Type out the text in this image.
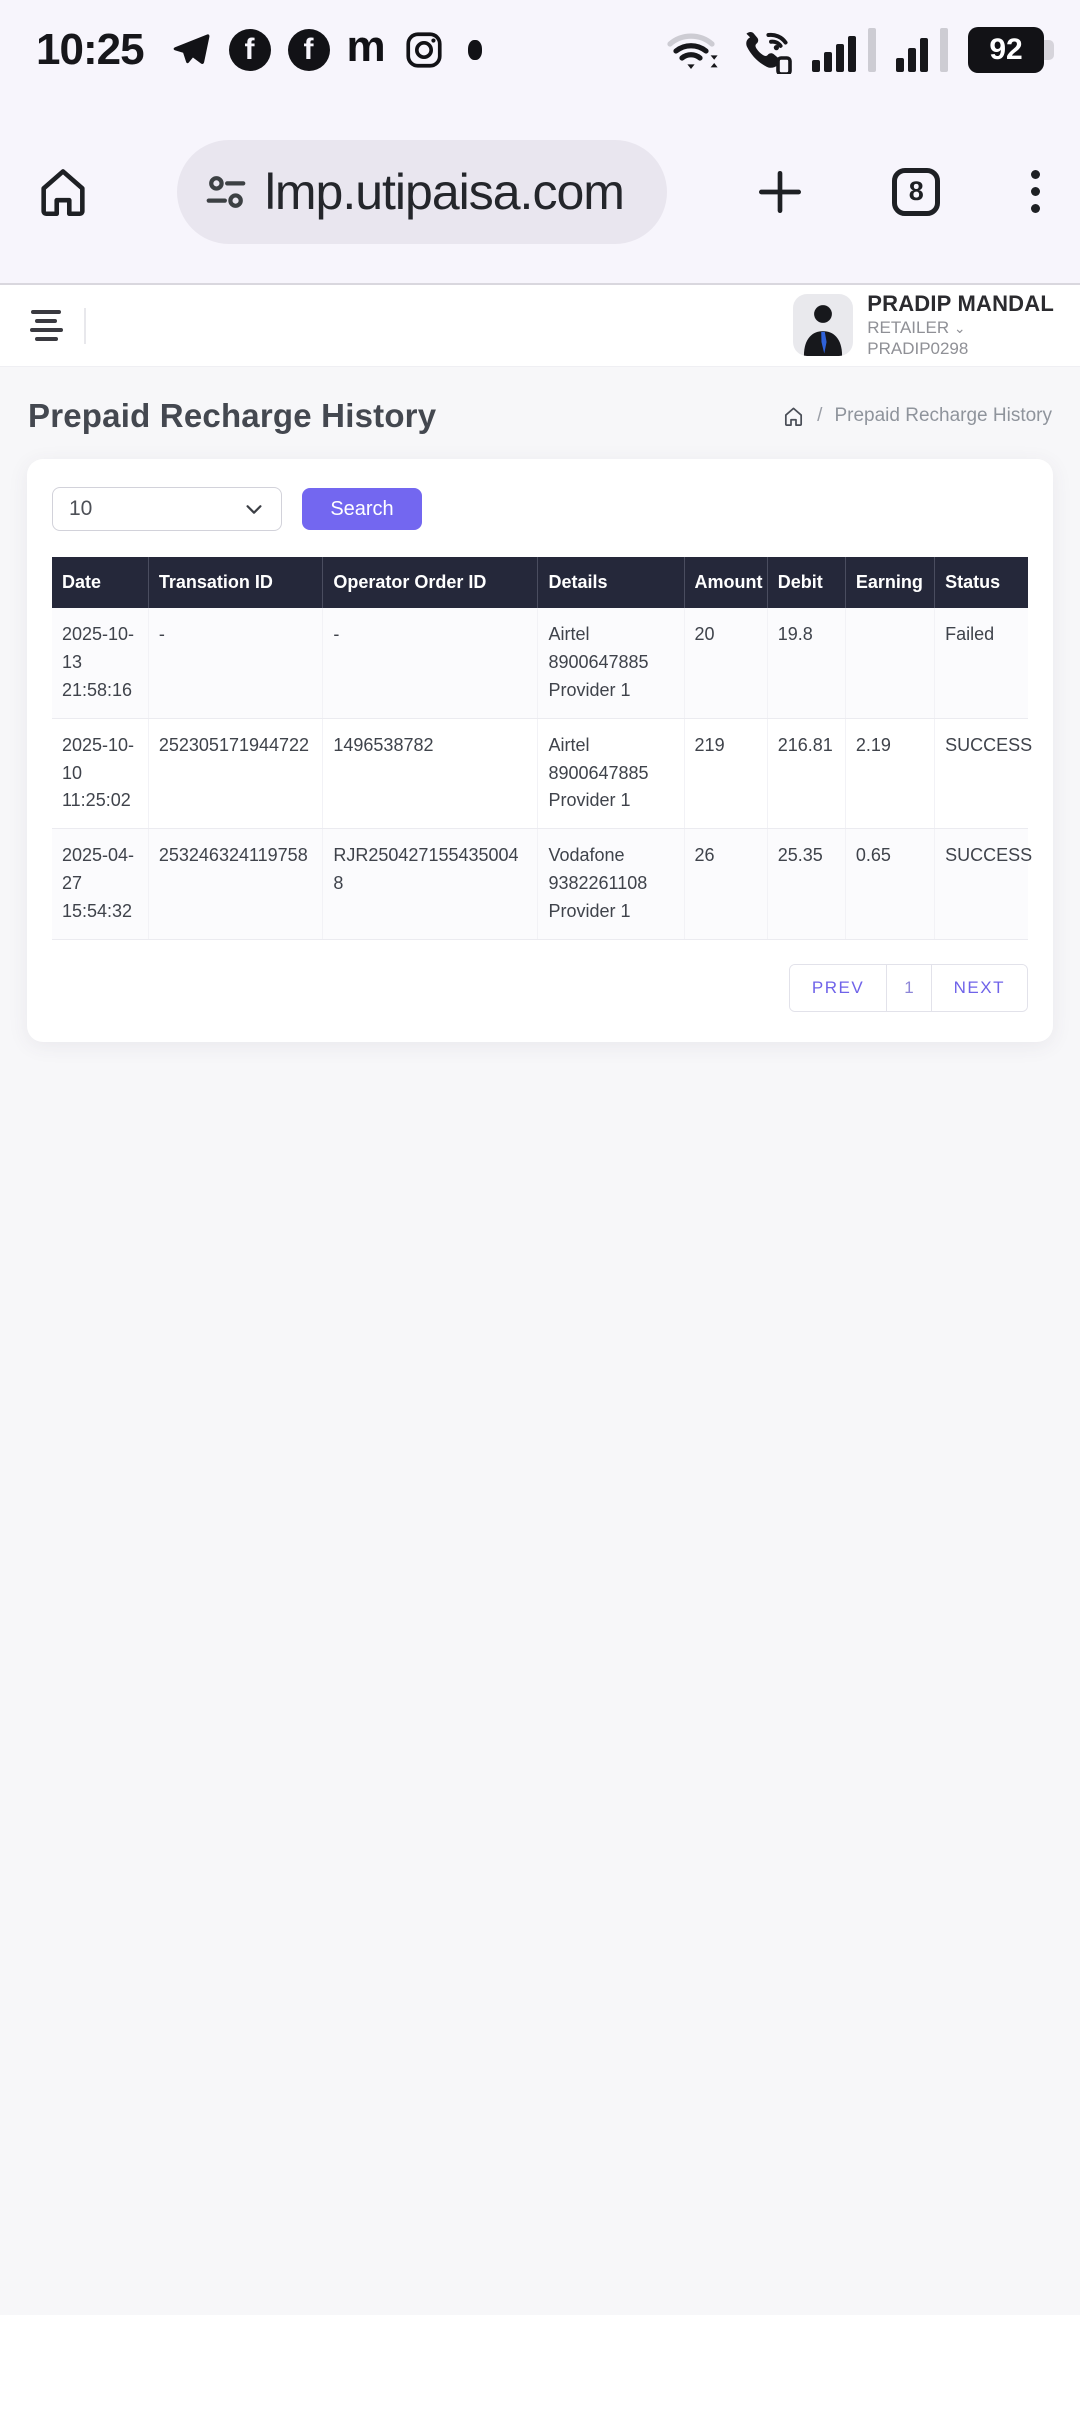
10:25	f	f m	92
lmp.utipaisa.com	8
PRADIP MANDAL
RETAILER ⌄
PRADIP0298
Prepaid Recharge History	/ Prepaid Recharge History
10	Search
Date	Transation ID	Operator Order ID	Details	Amount	Debit	Earning	Status
2025-10-13 21:58:16	-	-	Airtel 8900647885 Provider 1	20	19.8		Failed
2025-10-10 11:25:02	252305171944722	1496538782	Airtel 8900647885 Provider 1	219	216.81	2.19	SUCCESS
2025-04-27 15:54:32	253246324119758	RJR2504271554350048	Vodafone 9382261108 Provider 1	26	25.35	0.65	SUCCESS
PREV	1	NEXT
